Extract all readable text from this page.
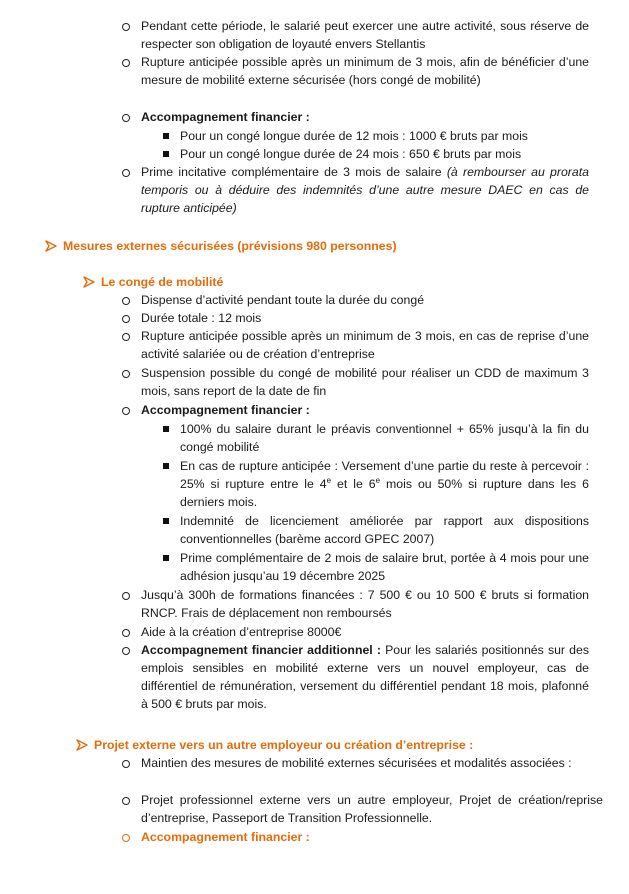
Pendant cette période, le salarié peut exercer une autre activité, sous réserve de respecter son obligation de loyauté envers Stellantis
Rupture anticipée possible après un minimum de 3 mois, afin de bénéficier d’une mesure de mobilité externe sécurisée (hors congé de mobilité)
Accompagnement financier :
Pour un congé longue durée de 12 mois : 1000 € bruts par mois
Pour un congé longue durée de 24 mois : 650 € bruts par mois
Prime incitative complémentaire de 3 mois de salaire (à rembourser au prorata temporis ou à déduire des indemnités d’une autre mesure DAEC en cas de rupture anticipée)
Mesures externes sécurisées (prévisions 980 personnes)
Le congé de mobilité
Dispense d’activité pendant toute la durée du congé
Durée totale : 12 mois
Rupture anticipée possible après un minimum de 3 mois, en cas de reprise d’une activité salariée ou de création d’entreprise
Suspension possible du congé de mobilité pour réaliser un CDD de maximum 3 mois, sans report de la date de fin
Accompagnement financier :
100% du salaire durant le préavis conventionnel + 65% jusqu’à la fin du congé mobilité
En cas de rupture anticipée : Versement d’une partie du reste à percevoir : 25% si rupture entre le 4e et le 6e mois ou 50% si rupture dans les 6 derniers mois.
Indemnité de licenciement améliorée par rapport aux dispositions conventionnelles (barème accord GPEC 2007)
Prime complémentaire de 2 mois de salaire brut, portée à 4 mois pour une adhésion jusqu’au 19 décembre 2025
Jusqu’à 300h de formations financées : 7 500 € ou 10 500 € bruts si formation RNCP. Frais de déplacement non remboursés
Aide à la création d’entreprise 8000€
Accompagnement financier additionnel : Pour les salariés positionnés sur des emplois sensibles en mobilité externe vers un nouvel employeur, cas de différentiel de rémunération, versement du différentiel pendant 18 mois, plafonné à 500 € bruts par mois.
Projet externe vers un autre employeur ou création d’entreprise :
Maintien des mesures de mobilité externes sécurisées et modalités associées :
Projet professionnel externe vers un autre employeur, Projet de création/reprise d’entreprise, Passeport de Transition Professionnelle.
Accompagnement financier :
